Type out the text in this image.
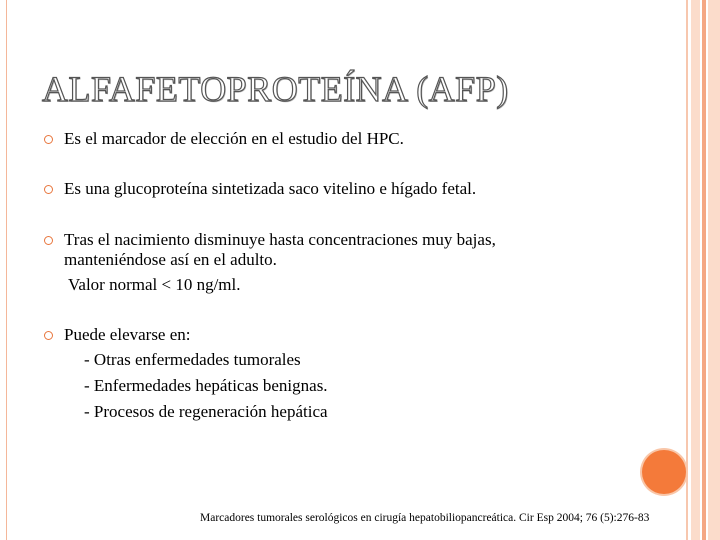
ALFAFETOPROTEÍNA (AFP)
Es el marcador de elección en el estudio del HPC.
Es una glucoproteína sintetizada saco vitelino e hígado fetal.
Tras el nacimiento disminuye hasta concentraciones muy bajas,
manteniéndose así en el adulto.
Valor normal < 10 ng/ml.
Puede elevarse en:
- Otras enfermedades tumorales
- Enfermedades hepáticas benignas.
- Procesos de regeneración hepática
Marcadores tumorales serológicos en cirugía hepatobiliopancreática. Cir Esp 2004; 76 (5):276-83
